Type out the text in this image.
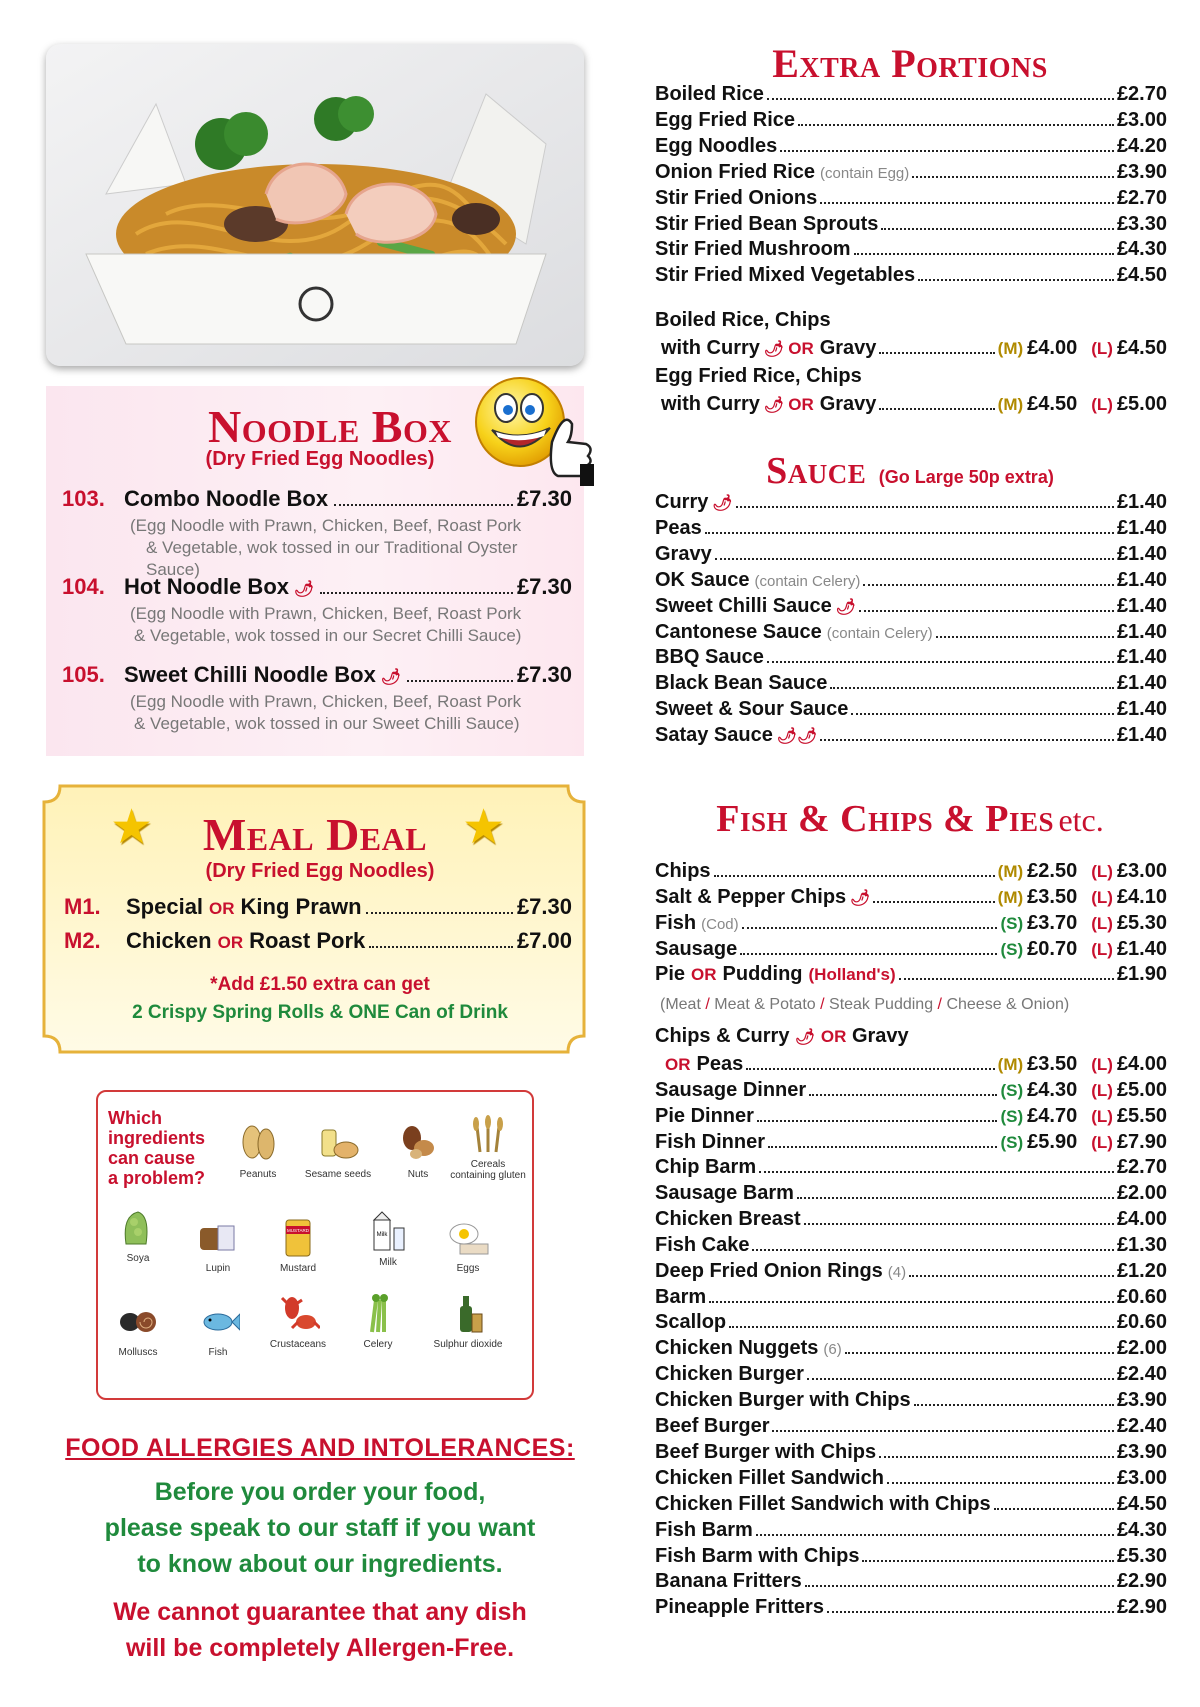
Noodle Box
(Dry Fried Egg Noodles)
103. Combo Noodle Box	£7.30
(Egg Noodle with Prawn, Chicken, Beef, Roast Pork
& Vegetable, wok tossed in our Traditional Oyster Sauce)
104. Hot Noodle Box 🌶	£7.30
(Egg Noodle with Prawn, Chicken, Beef, Roast Pork
& Vegetable, wok tossed in our Secret Chilli Sauce)
105. Sweet Chilli Noodle Box 🌶	£7.30
(Egg Noodle with Prawn, Chicken, Beef, Roast Pork
& Vegetable, wok tossed in our Sweet Chilli Sauce)
★	★
Meal Deal
(Dry Fried Egg Noodles)
M1.	Special OR King Prawn	£7.30
M2.	Chicken OR Roast Pork	£7.00
*Add £1.50 extra can get
2 Crispy Spring Rolls & ONE Can of Drink
Which
ingredients
can cause
a problem?	Peanuts	Sesame seeds	Nuts
Cereals containing gluten
Soya
Lupin
MUSTARD
Mustard
Milk
Milk
Eggs
Molluscs	Fish
Crustaceans	Celery	Sulphur dioxide
FOOD ALLERGIES AND INTOLERANCES:
Before you order your food,
please speak to our staff if you want
to know about our ingredients.
We cannot guarantee that any dish
will be completely Allergen-Free.
Extra Portions
Boiled Rice	£2.70
Egg Fried Rice	£3.00
Egg Noodles	£4.20
Onion Fried Rice (contain Egg)	£3.90
Stir Fried Onions	£2.70
Stir Fried Bean Sprouts	£3.30
Stir Fried Mushroom	£4.30
Stir Fried Mixed Vegetables	£4.50
Boiled Rice, Chips
with Curry 🌶 OR Gravy	(M) £4.00 (L) £4.50
Egg Fried Rice, Chips
with Curry 🌶 OR Gravy	(M) £4.50 (L) £5.00
Sauce (Go Large 50p extra)
Curry 🌶	£1.40
Peas	£1.40
Gravy	£1.40
OK Sauce (contain Celery)	£1.40
Sweet Chilli Sauce 🌶	£1.40
Cantonese Sauce (contain Celery)	£1.40
BBQ Sauce	£1.40
Black Bean Sauce	£1.40
Sweet & Sour Sauce	£1.40
Satay Sauce 🌶🌶	£1.40
Fish & Chips & Pies etc.
Chips	(M) £2.50 (L) £3.00
Salt & Pepper Chips 🌶	(M) £3.50 (L) £4.10
Fish (Cod)	(S) £3.70 (L) £5.30
Sausage	(S) £0.70 (L) £1.40
Pie OR Pudding (Holland's)	£1.90
(Meat / Meat & Potato / Steak Pudding / Cheese & Onion)
Chips & Curry 🌶 OR Gravy
OR Peas	(M) £3.50 (L) £4.00
Sausage Dinner	(S) £4.30 (L) £5.00
Pie Dinner	(S) £4.70 (L) £5.50
Fish Dinner	(S) £5.90 (L) £7.90
Chip Barm	£2.70
Sausage Barm	£2.00
Chicken Breast	£4.00
Fish Cake	£1.30
Deep Fried Onion Rings (4)	£1.20
Barm	£0.60
Scallop	£0.60
Chicken Nuggets (6)	£2.00
Chicken Burger	£2.40
Chicken Burger with Chips	£3.90
Beef Burger	£2.40
Beef Burger with Chips	£3.90
Chicken Fillet Sandwich	£3.00
Chicken Fillet Sandwich with Chips	£4.50
Fish Barm	£4.30
Fish Barm with Chips	£5.30
Banana Fritters	£2.90
Pineapple Fritters	£2.90
